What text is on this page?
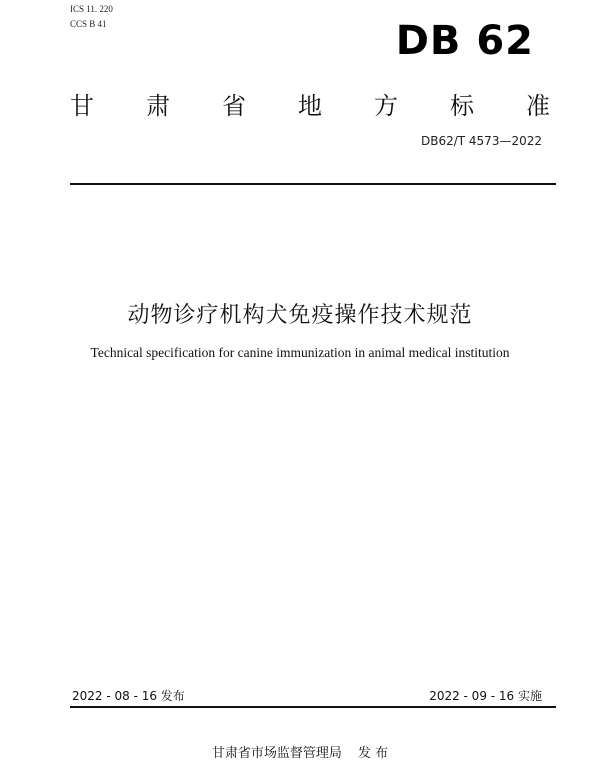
ICS 11. 220
CCS B 41	DB 62
甘 肃 省 地 方 标 准
DB62/T 4573—2022
动物诊疗机构犬免疫操作技术规范
Technical specification for canine immunization in animal medical institution
2022 - 08 - 16 发布	2022 - 09 - 16 实施
甘肃省市场监督管理局 发 布
